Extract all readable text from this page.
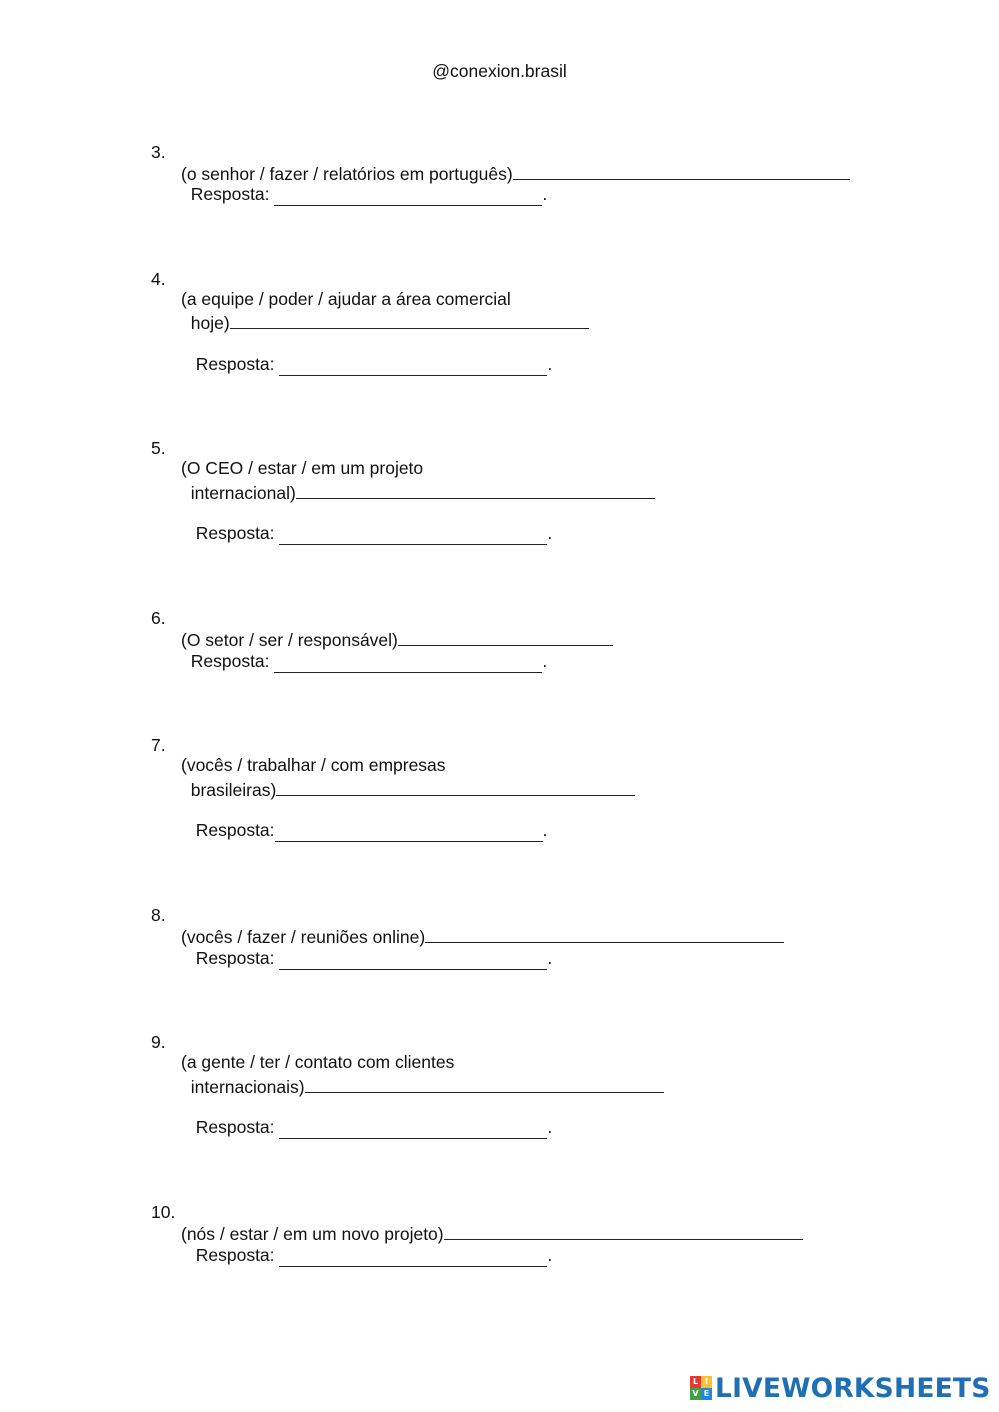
@conexion.brasil

3.

(o senhor / fazer / relatórios em português)

Resposta:	.

4.

(a equipe / poder / ajudar a área comercial

hoje)

Resposta:	.

5.

(O CEO / estar / em um projeto

internacional)

Resposta:	.

6.

(O setor / ser / responsável)

Resposta:	.

7.

(vocês / trabalhar / com empresas

brasileiras)

Resposta:	.

8.

(vocês / fazer / reuniões online)

Resposta:	.

9.

(a gente / ter / contato com clientes

internacionais)

Resposta:	.

10.

(nós / estar / em um novo projeto)

Resposta:	.

L I
V E LIVEWORKSHEETS
